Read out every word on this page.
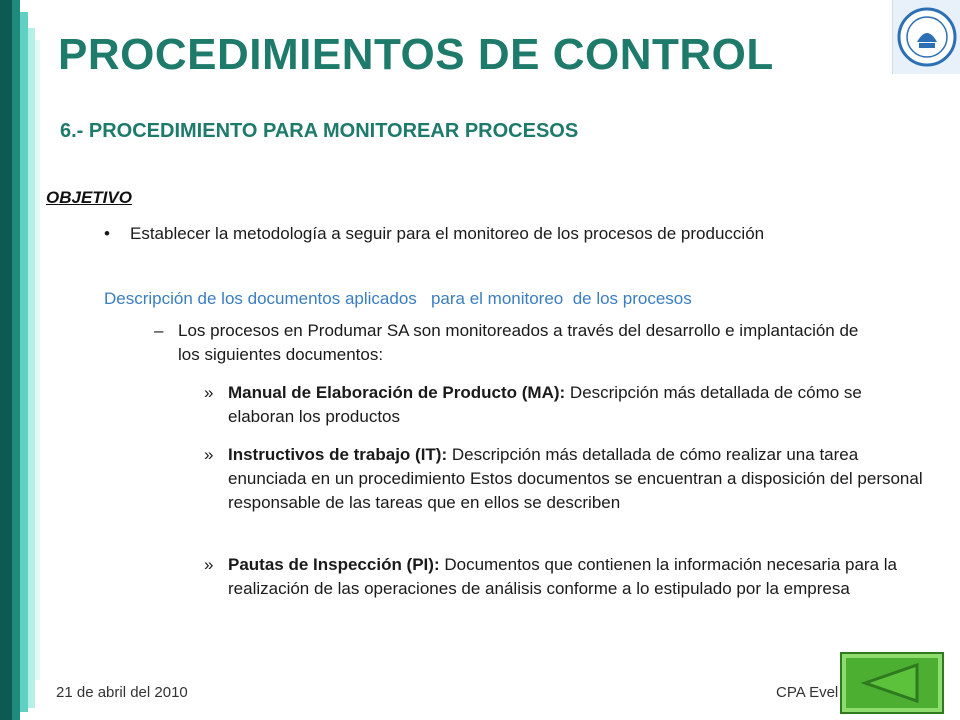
PROCEDIMIENTOS DE CONTROL
6.- PROCEDIMIENTO PARA MONITOREAR PROCESOS
OBJETIVO
• Establecer la metodología a seguir para el monitoreo de los procesos de producción
Descripción de los documentos aplicados   para el monitoreo  de los procesos
– Los procesos en Produmar SA son monitoreados a través del desarrollo e implantación de los siguientes documentos:
» Manual de Elaboración de Producto (MA): Descripción más detallada de cómo se elaboran los productos
» Instructivos de trabajo (IT): Descripción más detallada de cómo realizar una tarea enunciada en un procedimiento Estos documentos se encuentran a disposición del personal responsable de las tareas que en ellos se describen
» Pautas de Inspección (PI): Documentos que contienen la información necesaria para la realización de las operaciones de análisis conforme a lo estipulado por la empresa
21 de abril del 2010	CPA Evel
